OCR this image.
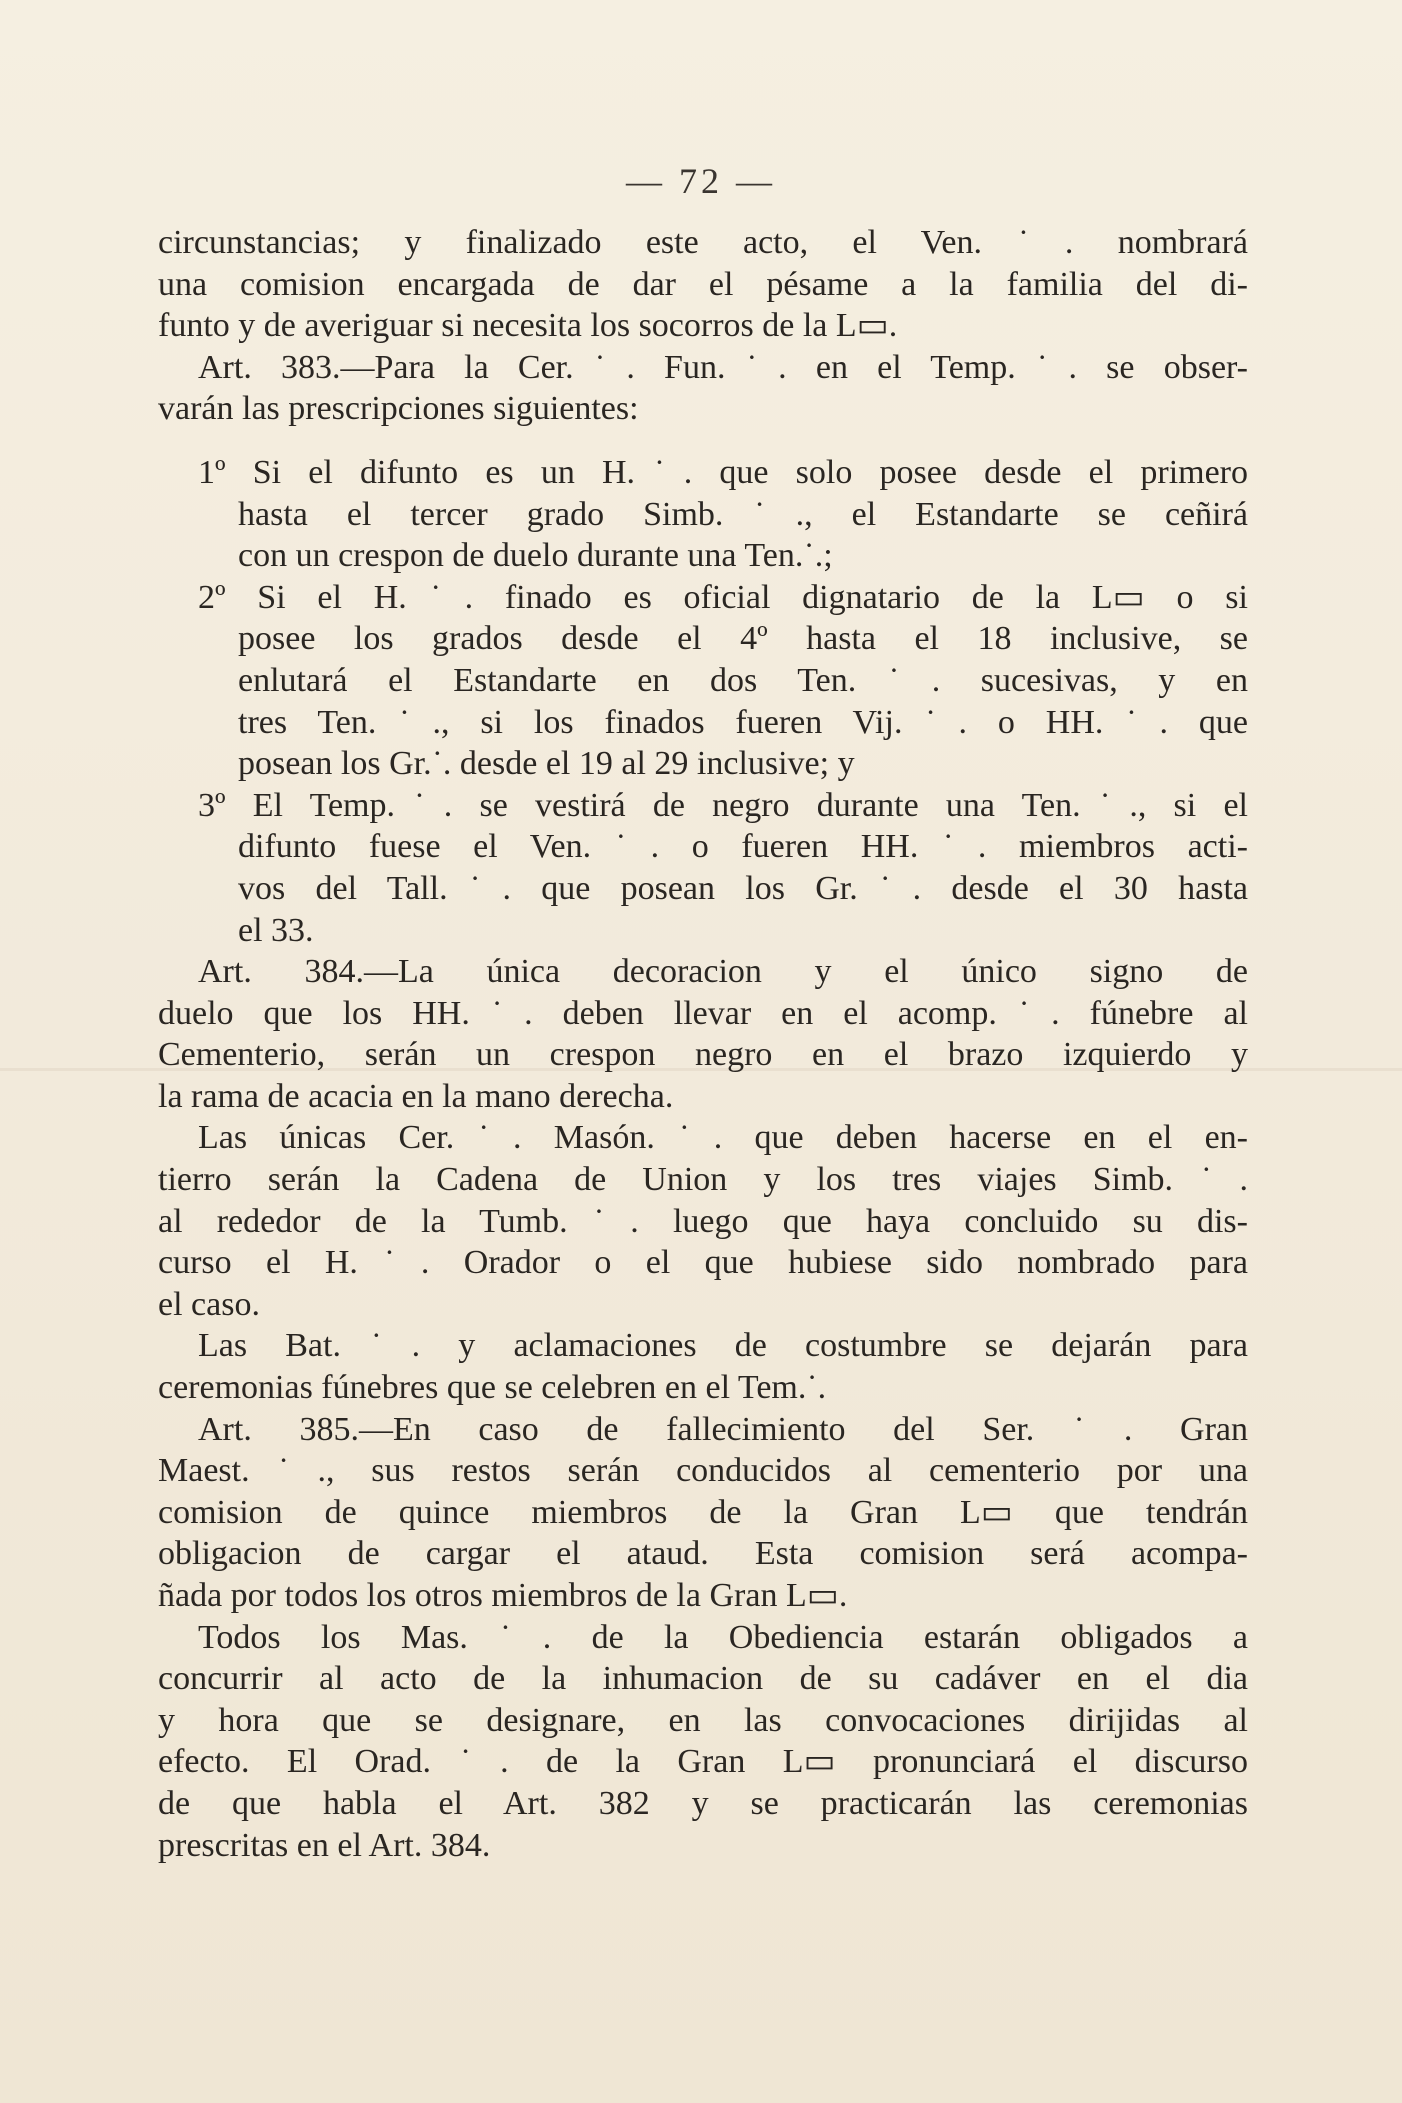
— 72 —
circunstancias; y finalizado este acto, el Ven.˙. nombrará
una comision encargada de dar el pésame a la familia del di-
funto y de averiguar si necesita los socorros de la L▭.
Art. 383.—Para la Cer.˙. Fun.˙. en el Temp.˙. se obser-
varán las prescripciones siguientes:
1º Si el difunto es un H.˙. que solo posee desde el primero
hasta el tercer grado Simb.˙., el Estandarte se ceñirá
con un crespon de duelo durante una Ten.˙.;
2º Si el H.˙. finado es oficial dignatario de la L▭ o si
posee los grados desde el 4º hasta el 18 inclusive, se
enlutará el Estandarte en dos Ten.˙. sucesivas, y en
tres Ten.˙., si los finados fueren Vij.˙. o HH.˙. que
posean los Gr.˙. desde el 19 al 29 inclusive; y
3º El Temp.˙. se vestirá de negro durante una Ten.˙., si el
difunto fuese el Ven.˙. o fueren HH.˙. miembros acti-
vos del Tall.˙. que posean los Gr.˙. desde el 30 hasta
el 33.
Art. 384.—La única decoracion y el único signo de
duelo que los HH.˙. deben llevar en el acomp.˙. fúnebre al
Cementerio, serán un crespon negro en el brazo izquierdo y
la rama de acacia en la mano derecha.
Las únicas Cer.˙. Masón.˙. que deben hacerse en el en-
tierro serán la Cadena de Union y los tres viajes Simb.˙.
al rededor de la Tumb.˙. luego que haya concluido su dis-
curso el H.˙. Orador o el que hubiese sido nombrado para
el caso.
Las Bat.˙. y aclamaciones de costumbre se dejarán para
ceremonias fúnebres que se celebren en el Tem.˙.
Art. 385.—En caso de fallecimiento del Ser.˙. Gran
Maest.˙., sus restos serán conducidos al cementerio por una
comision de quince miembros de la Gran L▭ que tendrán
obligacion de cargar el ataud. Esta comision será acompa-
ñada por todos los otros miembros de la Gran L▭.
Todos los Mas.˙. de la Obediencia estarán obligados a
concurrir al acto de la inhumacion de su cadáver en el dia
y hora que se designare, en las convocaciones dirijidas al
efecto. El Orad.˙. de la Gran L▭ pronunciará el discurso
de que habla el Art. 382 y se practicarán las ceremonias
prescritas en el Art. 384.
